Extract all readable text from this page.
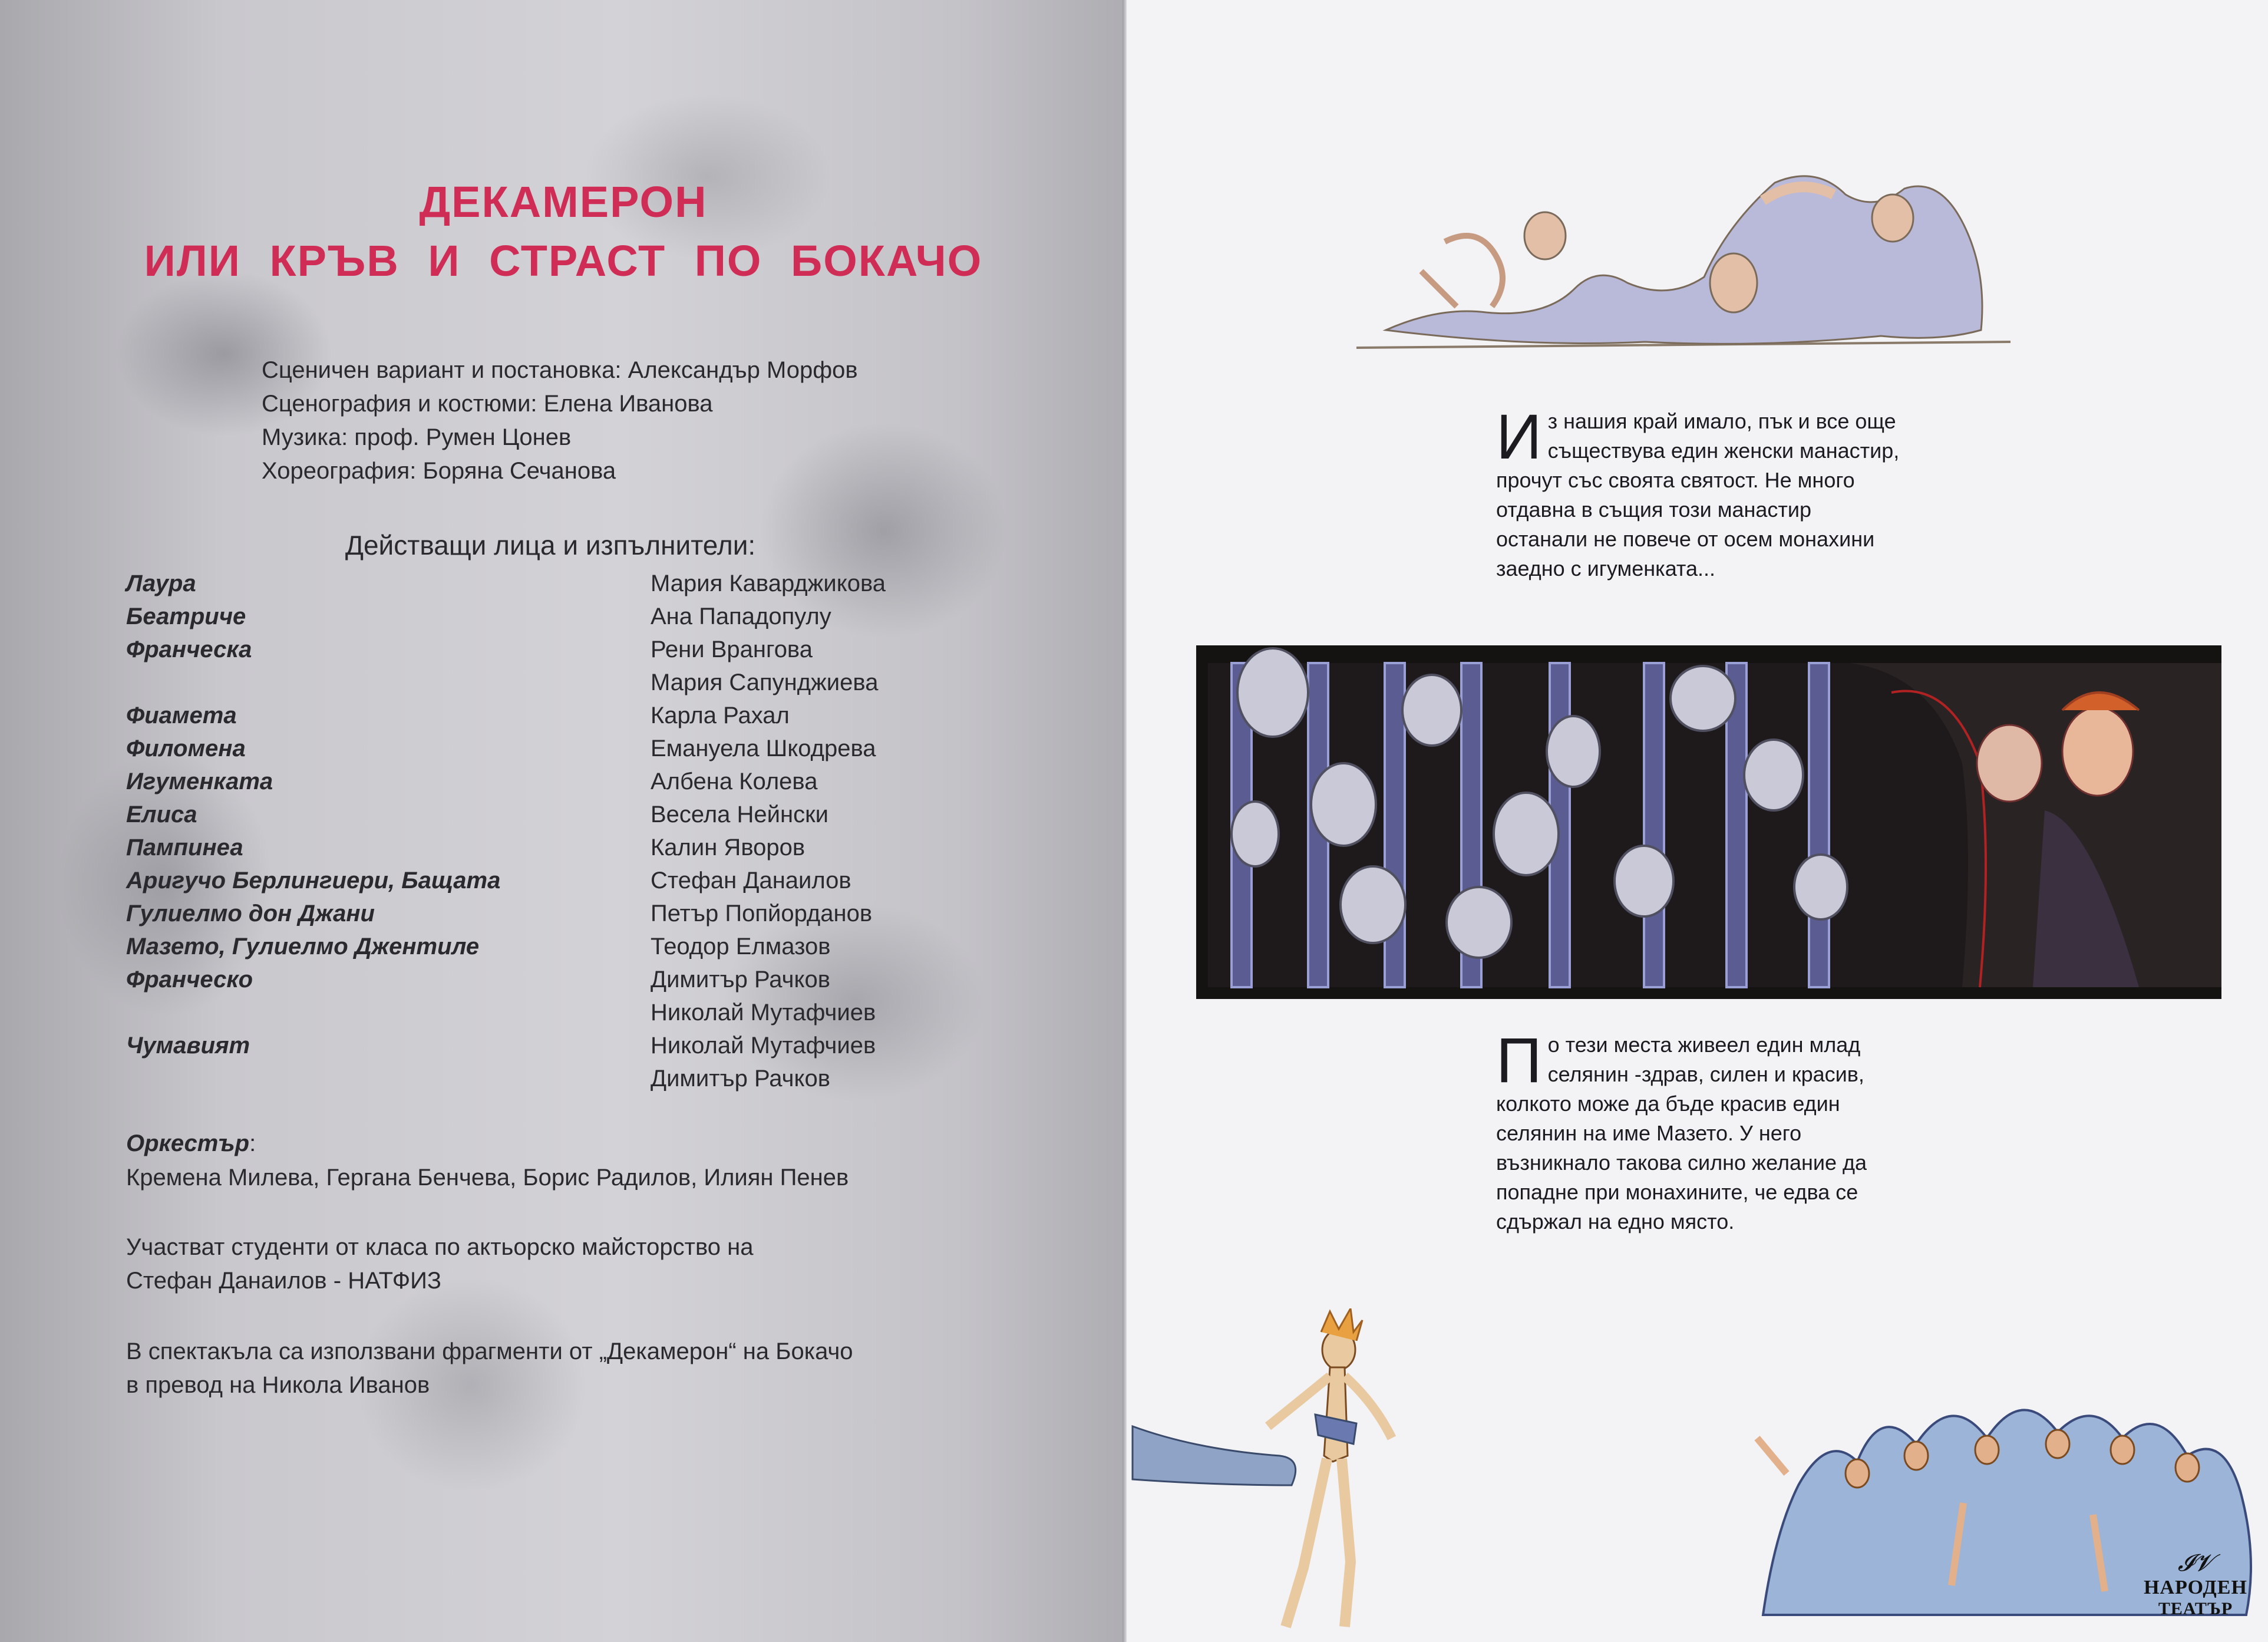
ДЕКАМЕРОН
ИЛИ КРЪВ И СТРАСТ ПО БОКАЧО
Сценичен вариант и постановка: Александър Морфов
Сценография и костюми: Елена Иванова
Музика: проф. Румен Цонев
Хореография: Боряна Сечанова
Действащи лица и изпълнители:
Лаура
Беатриче
Франческа
Фиамета
Филомена
Игуменката
Елиса
Пампинеа
Аригучо Берлингиери, Бащата
Гулиелмо дон Джани
Мазето, Гулиелмо Джентиле
Франческо
Чумавият
Мария Каварджикова
Ана Пападопулу
Рени Врангова
Мария Сапунджиева
Карла Рахал
Емануела Шкодрева
Албена Колева
Весела Нейнски
Калин Яворов
Стефан Данаилов
Петър Попйорданов
Теодор Елмазов
Димитър Рачков
Николай Мутафчиев
Николай Мутафчиев
Димитър Рачков
Оркестър:
Кремена Милева, Гергана Бенчева, Борис Радилов, Илиян Пенев
Участват студенти от класа по актьорско майсторство на
Стефан Данаилов - НАТФИЗ
В спектакъла са използвани фрагменти от „Декамерон“ на Бокачо
в превод на Никола Иванов
И з нашия край имало, пък и все още
съществува един женски манастир,
прочут със своята святост. Не много
отдавна в същия този манастир
останали не повече от осем монахини
заедно с игуменката...
П о тези места живеел един млад
селянин -здрав, силен и красив,
колкото може да бъде красив един
селянин на име Мазето. У него
възникнало такова силно желание да
попадне при монахините, че едва се
сдържал на едно място.
𝓘𝓥
НАРОДЕН
ТЕАТЪР
